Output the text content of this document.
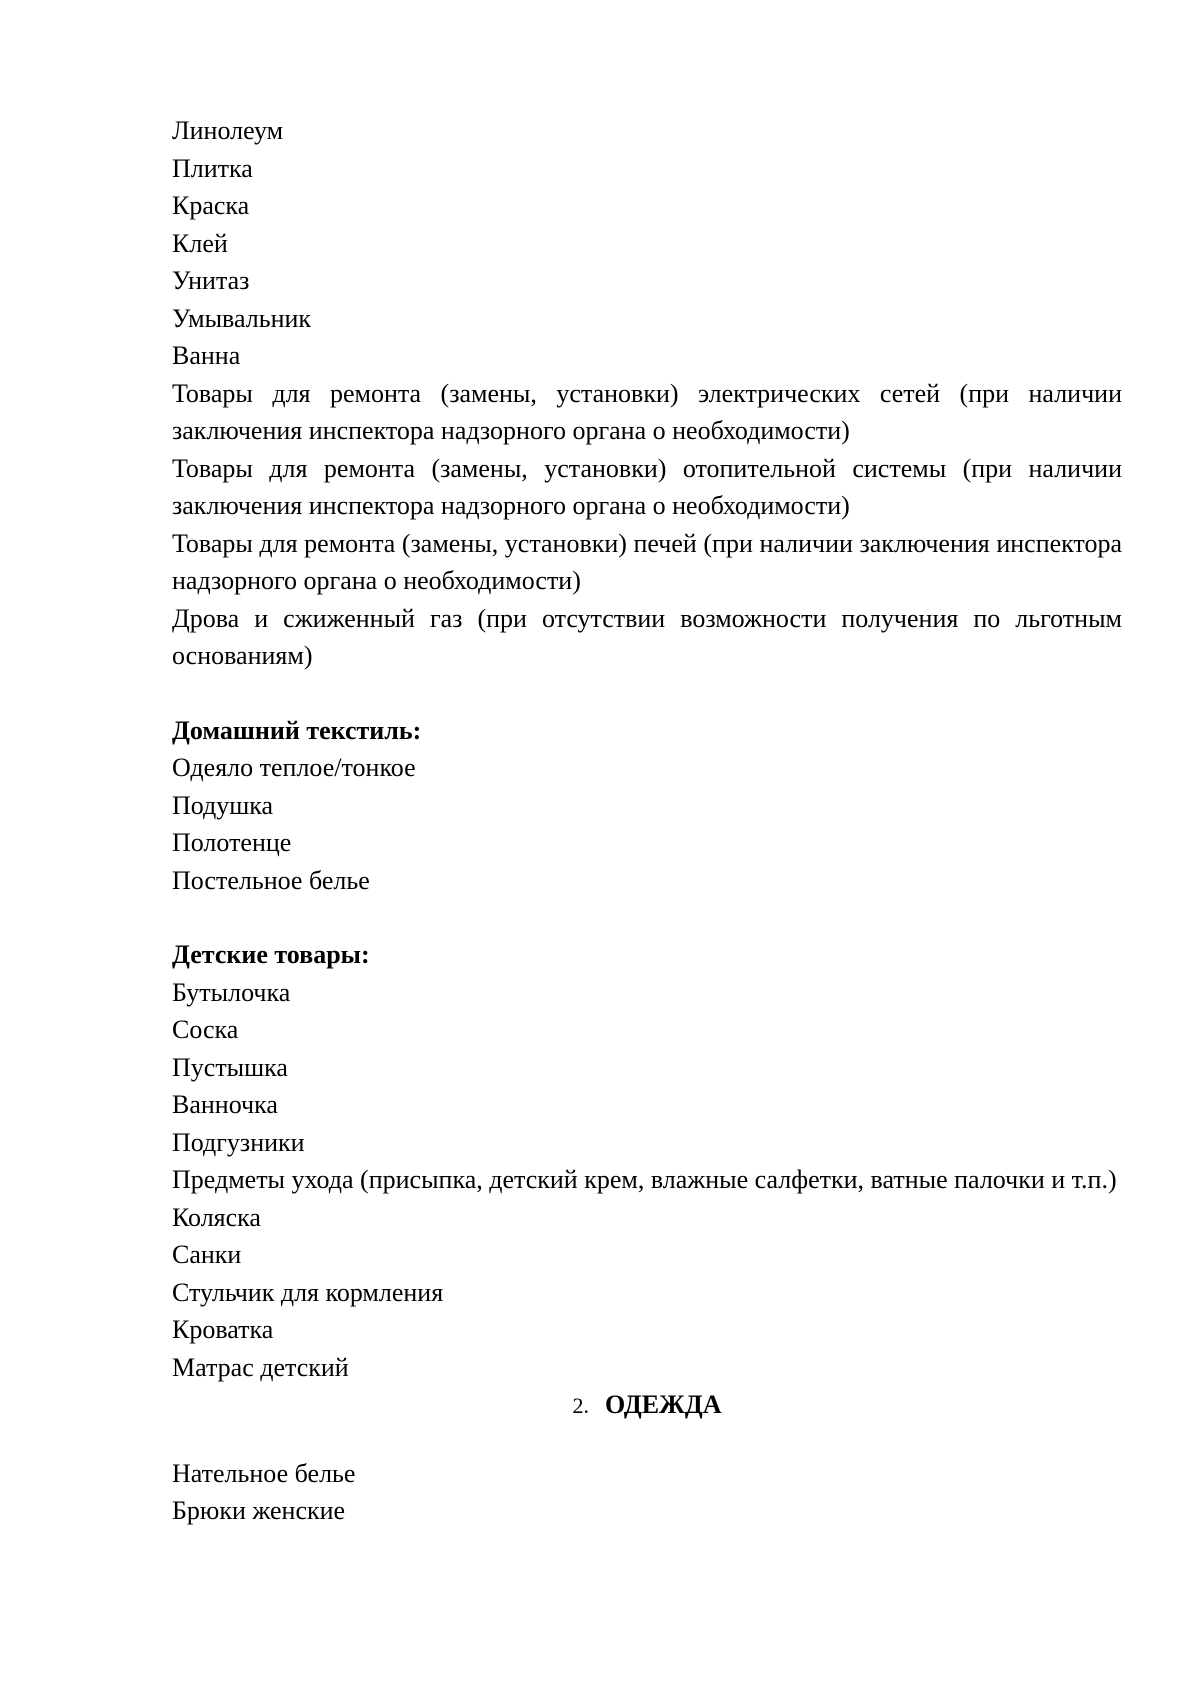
Линолеум
Плитка
Краска
Клей
Унитаз
Умывальник
Ванна
Товары для ремонта (замены, установки) электрических сетей (при наличии заключения инспектора надзорного органа о необходимости)
Товары для ремонта (замены, установки) отопительной системы (при наличии заключения инспектора надзорного органа о необходимости)
Товары для ремонта (замены, установки) печей (при наличии заключения инспектора надзорного органа о необходимости)
Дрова и сжиженный газ (при отсутствии возможности получения по льготным основаниям)
Домашний текстиль:
Одеяло теплое/тонкое
Подушка
Полотенце
Постельное белье
Детские товары:
Бутылочка
Соска
Пустышка
Ванночка
Подгузники
Предметы ухода (присыпка, детский крем, влажные салфетки, ватные палочки и т.п.)
Коляска
Санки
Стульчик для кормления
Кроватка
Матрас детский
2. ОДЕЖДА
Нательное белье
Брюки женские
